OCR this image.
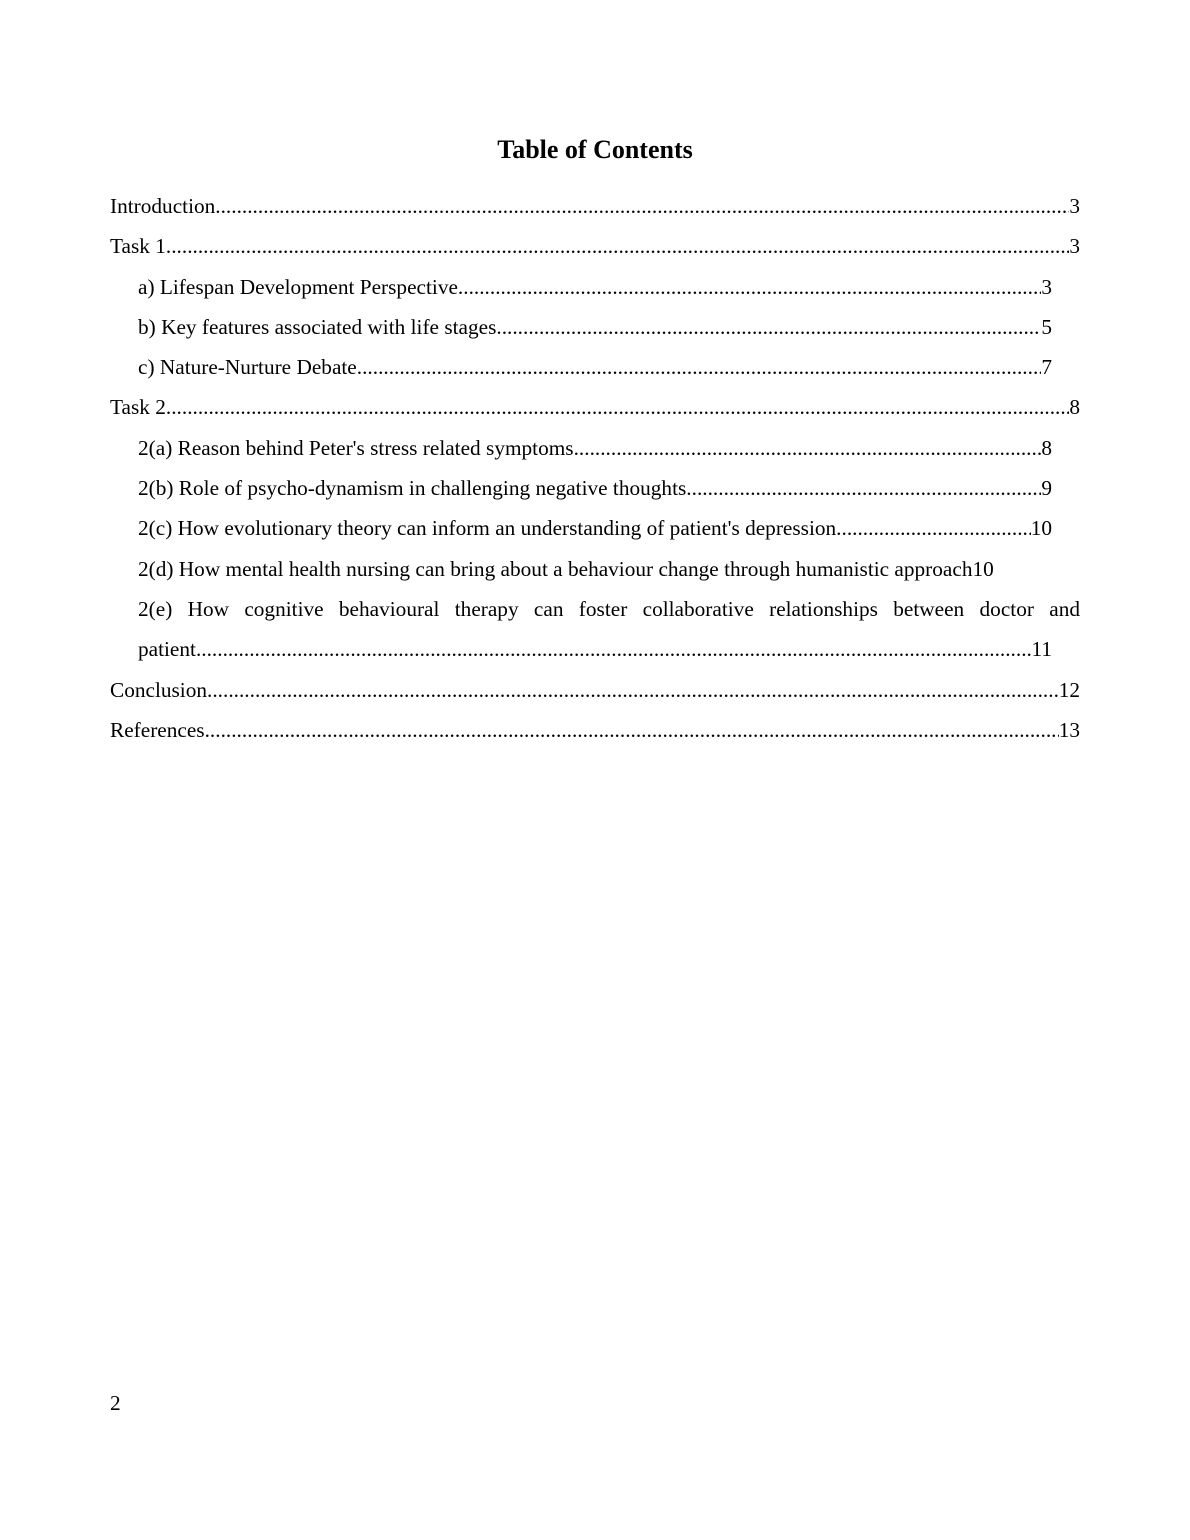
Table of Contents
Introduction .....	3
Task 1 .....	3
a) Lifespan Development Perspective .....	3
b) Key features associated with life stages .....	5
c) Nature-Nurture Debate .....	7
Task 2 .....	8
2(a) Reason behind Peter's stress related symptoms .....	8
2(b) Role of psycho-dynamism in challenging negative thoughts .....	9
2(c) How evolutionary theory can inform an understanding of patient's depression .....	10
2(d) How mental health nursing can bring about a behaviour change through humanistic approach 10
2(e) How cognitive behavioural therapy can foster collaborative relationships between doctor and
patient .....	11
Conclusion .....	12
References .....	13
2
